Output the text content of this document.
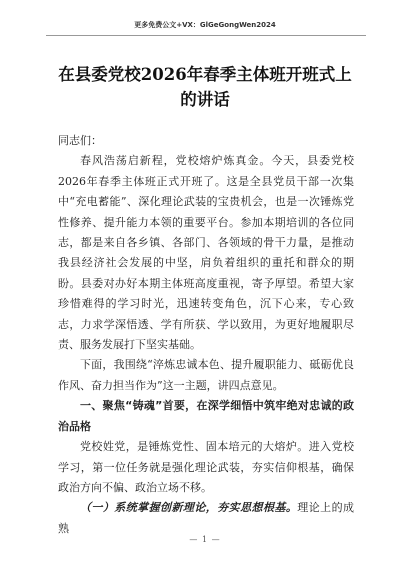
更多免费公文+VX：GlGeGongWen2024
在县委党校2026年春季主体班开班式上
的讲话

同志们：

春风浩荡启新程，党校熔炉炼真金。今天，县委党校2026年春季主体班正式开班了。这是全县党员干部一次集中“充电蓄能”、深化理论武装的宝贵机会，也是一次锤炼党性修养、提升能力本领的重要平台。参加本期培训的各位同志，都是来自各乡镇、各部门、各领域的骨干力量，是推动我县经济社会发展的中坚，肩负着组织的重托和群众的期盼。县委对办好本期主体班高度重视，寄予厚望。希望大家珍惜难得的学习时光，迅速转变角色，沉下心来，专心致志，力求学深悟透、学有所获、学以致用，为更好地履职尽责、服务发展打下坚实基础。

下面，我围绕“淬炼忠诚本色、提升履职能力、砥砺优良作风、奋力担当作为”这一主题，讲四点意见。

一、聚焦“铸魂”首要，在深学细悟中筑牢绝对忠诚的政治品格

党校姓党，是锤炼党性、固本培元的大熔炉。进入党校学习，第一位任务就是强化理论武装，夯实信仰根基，确保政治方向不偏、政治立场不移。

（一）系统掌握创新理论，夯实思想根基。理论上的成熟

— 1 —
